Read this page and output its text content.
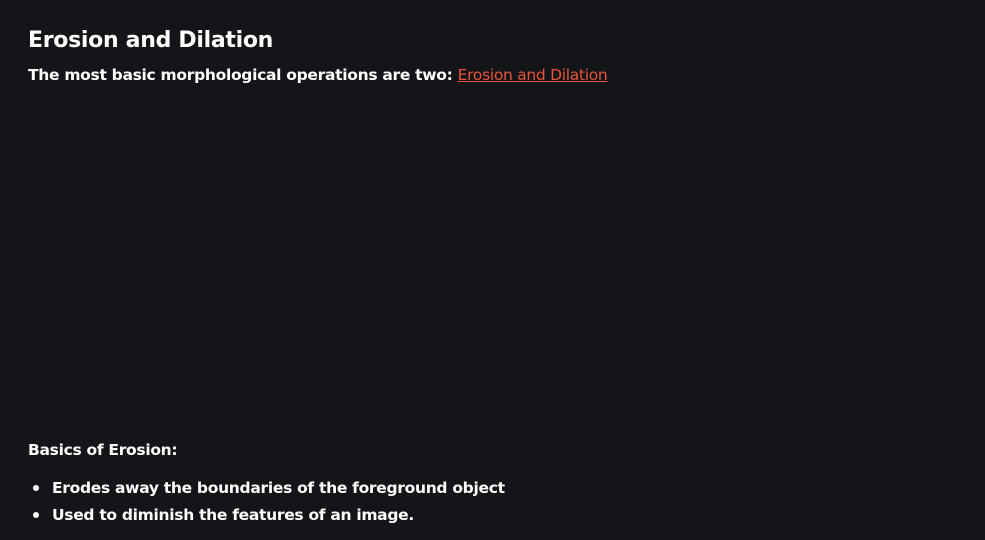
Erosion and Dilation

The most basic morphological operations are two: Erosion and Dilation

Basics of Erosion:

Erodes away the boundaries of the foreground object
Used to diminish the features of an image.
